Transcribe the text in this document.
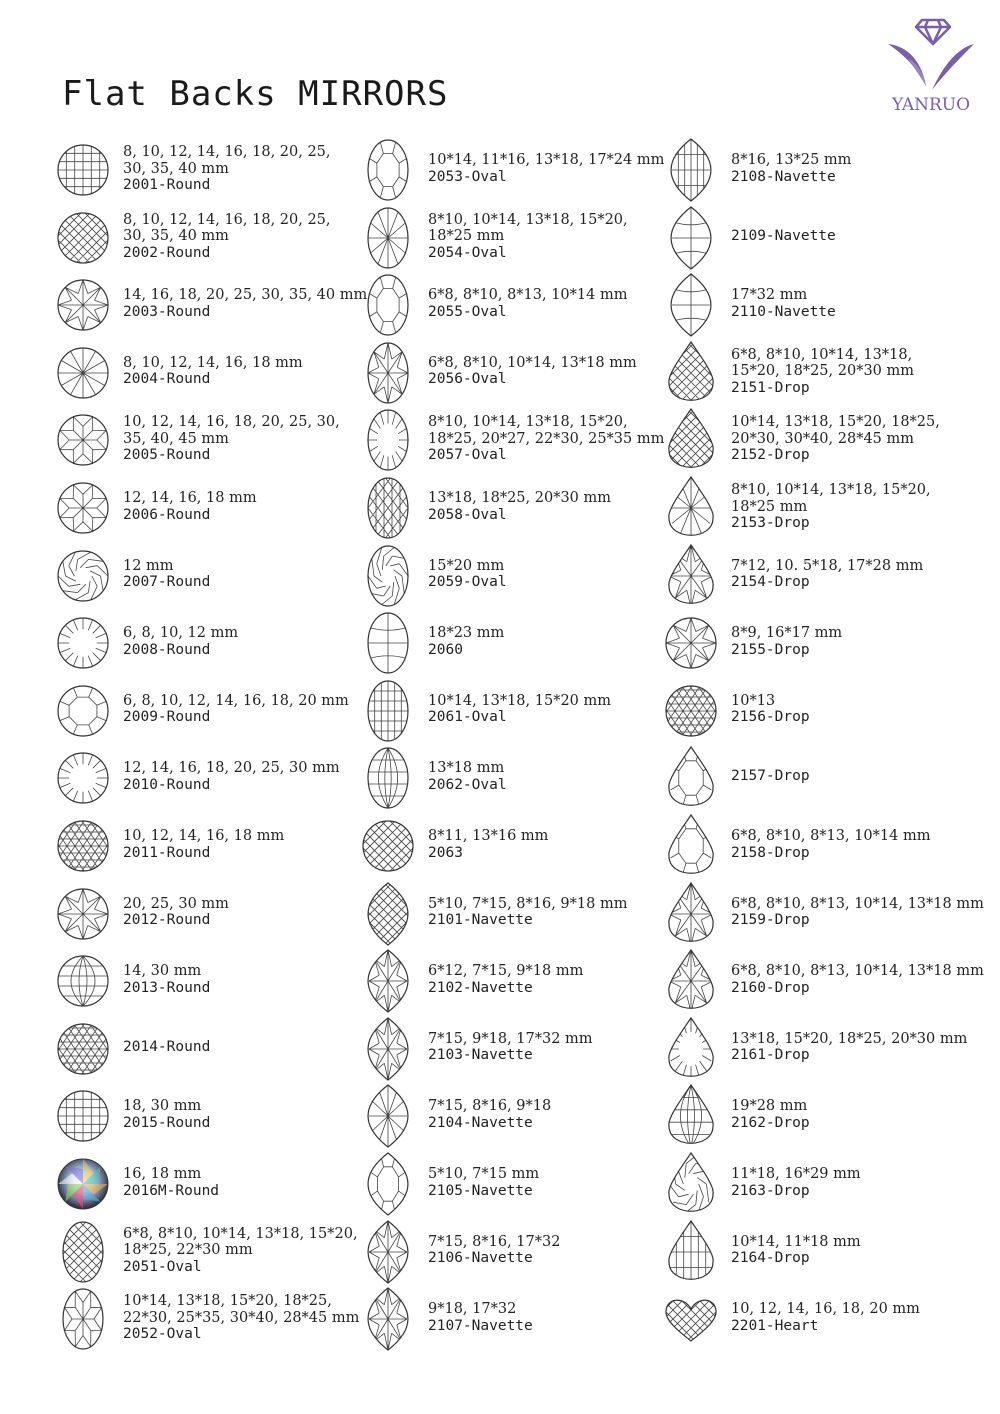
Flat Backs MIRRORS	YANRUO
8, 10, 12, 14, 16, 18, 20, 25,
30, 35, 40 mm
2001-Round
8, 10, 12, 14, 16, 18, 20, 25,
30, 35, 40 mm
2002-Round
14, 16, 18, 20, 25, 30, 35, 40 mm
2003-Round
8, 10, 12, 14, 16, 18 mm
2004-Round
10, 12, 14, 16, 18, 20, 25, 30,
35, 40, 45 mm
2005-Round
12, 14, 16, 18 mm
2006-Round
12 mm
2007-Round
6, 8, 10, 12 mm
2008-Round
6, 8, 10, 12, 14, 16, 18, 20 mm
2009-Round
12, 14, 16, 18, 20, 25, 30 mm
2010-Round
10, 12, 14, 16, 18 mm
2011-Round
20, 25, 30 mm
2012-Round
14, 30 mm
2013-Round
2014-Round
18, 30 mm
2015-Round
16, 18 mm
2016M-Round
6*8, 8*10, 10*14, 13*18, 15*20,
18*25, 22*30 mm
2051-Oval
10*14, 13*18, 15*20, 18*25,
22*30, 25*35, 30*40, 28*45 mm
2052-Oval
10*14, 11*16, 13*18, 17*24 mm
2053-Oval
8*10, 10*14, 13*18, 15*20,
18*25 mm
2054-Oval
6*8, 8*10, 8*13, 10*14 mm
2055-Oval
6*8, 8*10, 10*14, 13*18 mm
2056-Oval
8*10, 10*14, 13*18, 15*20,
18*25, 20*27, 22*30, 25*35 mm
2057-Oval
13*18, 18*25, 20*30 mm
2058-Oval
15*20 mm
2059-Oval
18*23 mm
2060
10*14, 13*18, 15*20 mm
2061-Oval
13*18 mm
2062-Oval
8*11, 13*16 mm
2063
5*10, 7*15, 8*16, 9*18 mm
2101-Navette
6*12, 7*15, 9*18 mm
2102-Navette
7*15, 9*18, 17*32 mm
2103-Navette
7*15, 8*16, 9*18
2104-Navette
5*10, 7*15 mm
2105-Navette
7*15, 8*16, 17*32
2106-Navette
9*18, 17*32
2107-Navette
8*16, 13*25 mm
2108-Navette
2109-Navette
17*32 mm
2110-Navette
6*8, 8*10, 10*14, 13*18,
15*20, 18*25, 20*30 mm
2151-Drop
10*14, 13*18, 15*20, 18*25,
20*30, 30*40, 28*45 mm
2152-Drop
8*10, 10*14, 13*18, 15*20,
18*25 mm
2153-Drop
7*12, 10. 5*18, 17*28 mm
2154-Drop
8*9, 16*17 mm
2155-Drop
10*13
2156-Drop
2157-Drop
6*8, 8*10, 8*13, 10*14 mm
2158-Drop
6*8, 8*10, 8*13, 10*14, 13*18 mm
2159-Drop
6*8, 8*10, 8*13, 10*14, 13*18 mm
2160-Drop
13*18, 15*20, 18*25, 20*30 mm
2161-Drop
19*28 mm
2162-Drop
11*18, 16*29 mm
2163-Drop
10*14, 11*18 mm
2164-Drop
10, 12, 14, 16, 18, 20 mm
2201-Heart
